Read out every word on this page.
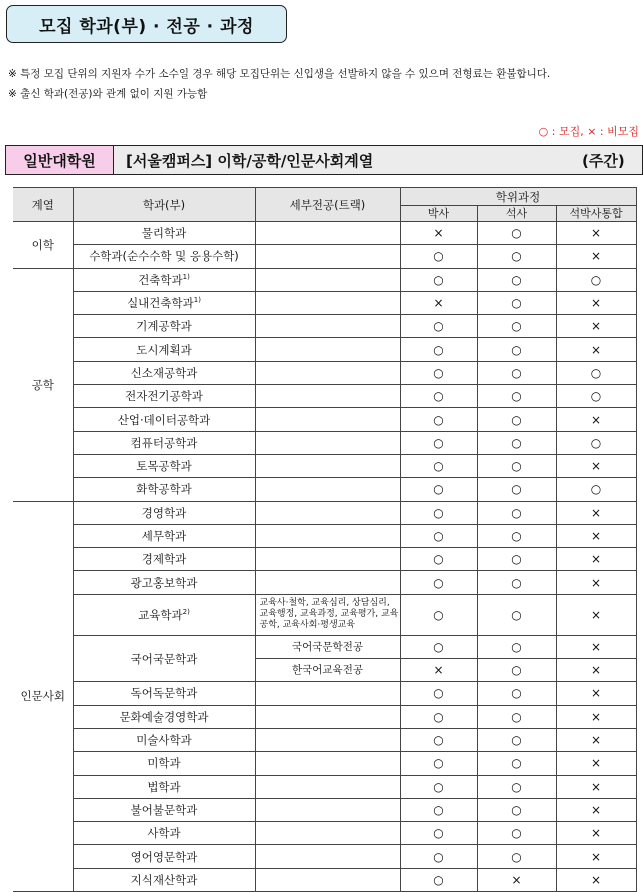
모집 학과(부) · 전공 · 과정
※ 특정 모집 단위의 지원자 수가 소수일 경우 해당 모집단위는 신입생을 선발하지 않을 수 있으며 전형료는 환불합니다.
※ 출신 학과(전공)와 관계 없이 지원 가능함
○ : 모집, × : 비모집
일반대학원	[서울캠퍼스] 이학/공학/인문사회계열	(주간)
계열	학과(부)	세부전공(트랙)	학위과정		
			박사	석사	석박사통합
이학	물리학과		×	○	×
	수학과(순수수학 및 응용수학)		○	○	×
공학	건축학과$^{1)}$		○	○	○
	실내건축학과$^{1)}$		×	○	×
	기계공학과		○	○	×
	도시계획과		○	○	×
	신소재공학과		○	○	○
	전자전기공학과		○	○	○
	산업·데이터공학과		○	○	×
	컴퓨터공학과		○	○	○
	토목공학과		○	○	×
	화학공학과		○	○	○
인문사회	경영학과		○	○	×
	세무학과		○	○	×
	경제학과		○	○	×
	광고홍보학과		○	○	×
	교육학과$^{2)}$	교육사·철학, 교육심리, 상담심리, 교육행정, 교육과정, 교육평가, 교육공학, 교육사회·평생교육	○	○	×
	국어국문학과	국어국문학전공	○	○	×
		한국어교육전공	×	○	×
	독어독문학과		○	○	×
	문화예술경영학과		○	○	×
	미술사학과		○	○	×
	미학과		○	○	×
	법학과		○	○	×
	불어불문학과		○	○	×
	사학과		○	○	×
	영어영문학과		○	○	×
	지식재산학과		○	×	×
